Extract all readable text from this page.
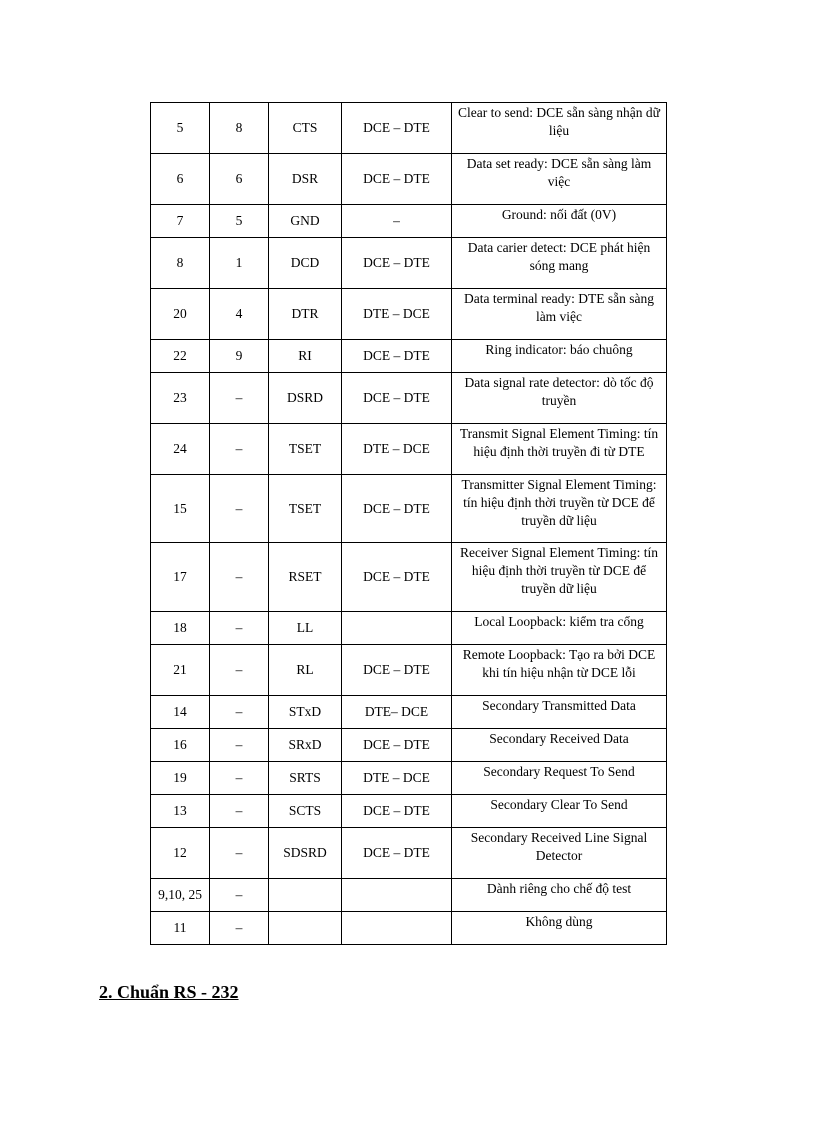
5	8	CTS	DCE – DTE	Clear to send: DCE sẵn sàng nhận dữ liệu
6	6	DSR	DCE – DTE	Data set ready: DCE sẵn sàng làm việc
7	5	GND	–	Ground: nối đất (0V)
8	1	DCD	DCE – DTE	Data carier detect: DCE phát hiện sóng mang
20	4	DTR	DTE – DCE	Data terminal ready: DTE sẵn sàng làm việc
22	9	RI	DCE – DTE	Ring indicator: báo chuông
23	–	DSRD	DCE – DTE	Data signal rate detector: dò tốc độ truyền
24	–	TSET	DTE – DCE	Transmit Signal Element Timing: tín hiệu định thời truyền đi từ DTE
15	–	TSET	DCE – DTE	Transmitter Signal Element Timing: tín hiệu định thời truyền từ DCE để truyền dữ liệu
17	–	RSET	DCE – DTE	Receiver Signal Element Timing: tín hiệu định thời truyền từ DCE để truyền dữ liệu
18	–	LL		Local Loopback: kiểm tra cổng
21	–	RL	DCE – DTE	Remote Loopback: Tạo ra bởi DCE khi tín hiệu nhận từ DCE lỗi
14	–	STxD	DTE– DCE	Secondary Transmitted Data
16	–	SRxD	DCE – DTE	Secondary Received Data
19	–	SRTS	DTE – DCE	Secondary Request To Send
13	–	SCTS	DCE – DTE	Secondary Clear To Send
12	–	SDSRD	DCE – DTE	Secondary Received Line Signal Detector
9,10, 25	–			Dành riêng cho chế độ test
11	–			Không dùng
2. Chuẩn RS - 232
